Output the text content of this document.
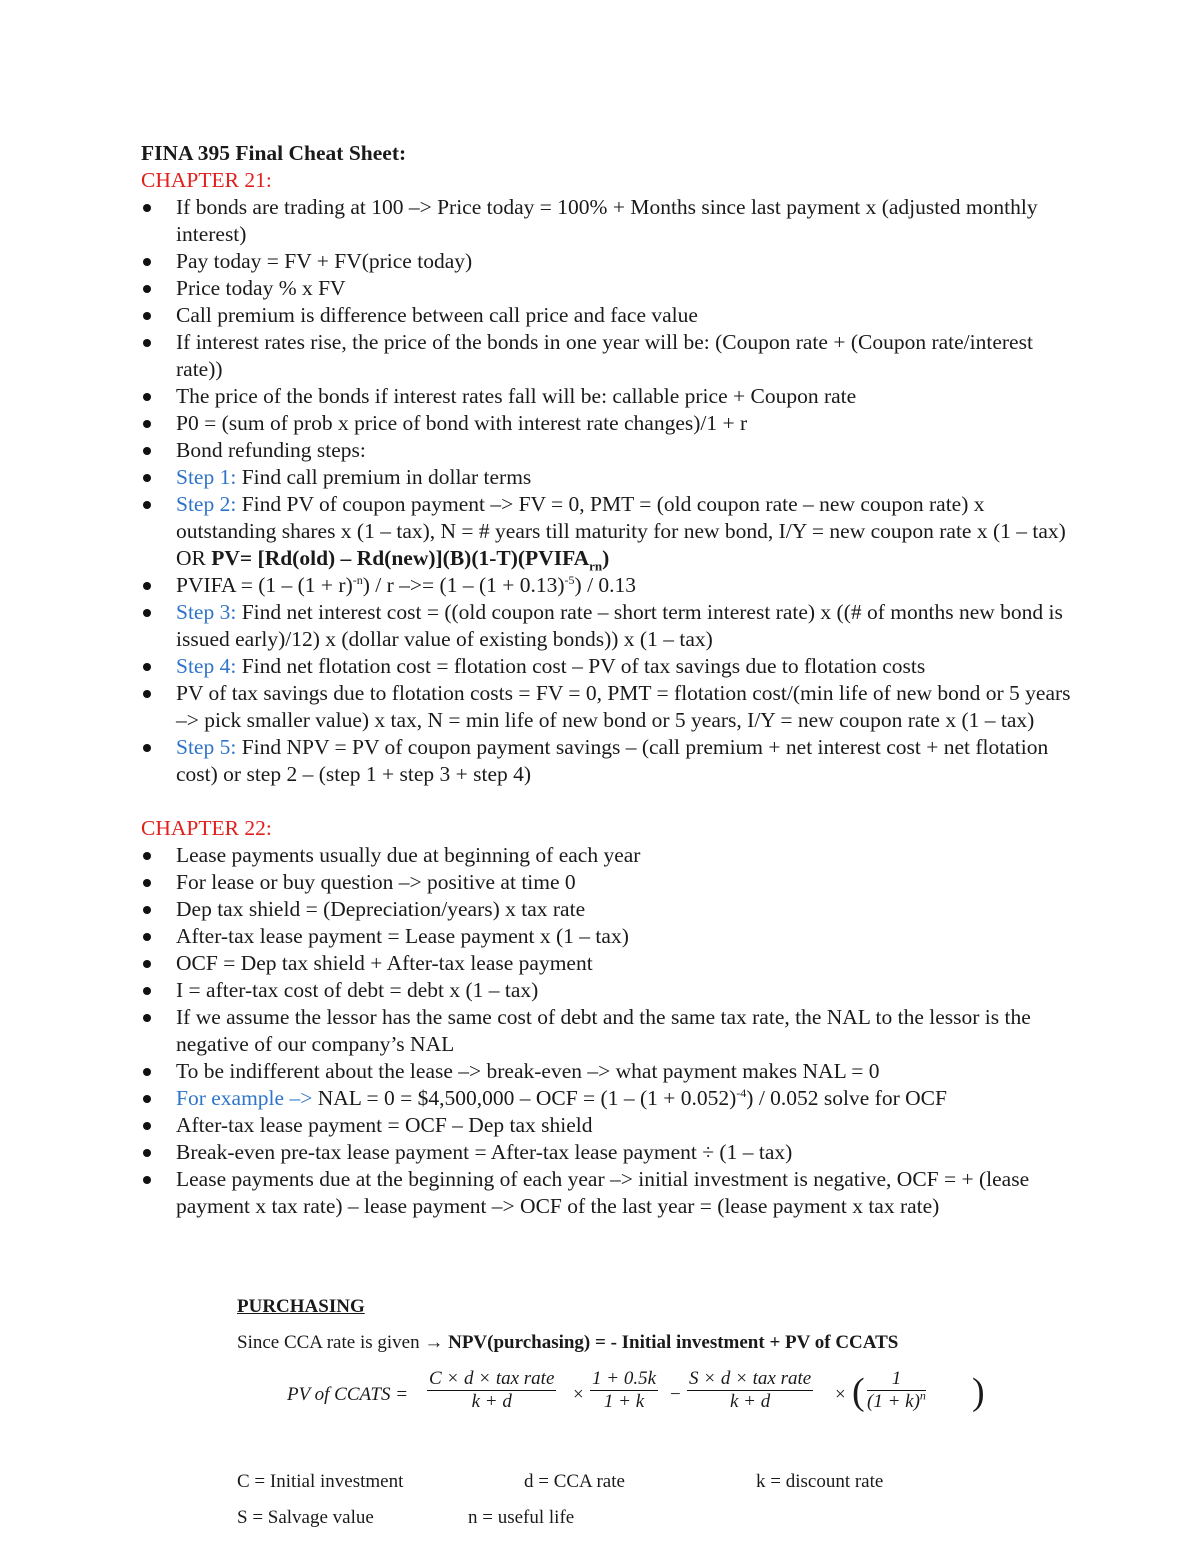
FINA 395 Final Cheat Sheet:

CHAPTER 21:

If bonds are trading at 100 –> Price today = 100% + Months since last payment x (adjusted monthly interest)
Pay today = FV + FV(price today)
Price today % x FV
Call premium is difference between call price and face value
If interest rates rise, the price of the bonds in one year will be: (Coupon rate + (Coupon rate/interest rate))
The price of the bonds if interest rates fall will be: callable price + Coupon rate
P0 = (sum of prob x price of bond with interest rate changes)/1 + r
Bond refunding steps:
Step 1: Find call premium in dollar terms
Step 2: Find PV of coupon payment –> FV = 0, PMT = (old coupon rate – new coupon rate) x outstanding shares x (1 – tax), N = # years till maturity for new bond, I/Y = new coupon rate x (1 – tax) OR $PV= [Rd(old) - Rd(new)](B)(1-T)(PVIFA_{rn})$
PVIFA = $(1 - (1 + r)^{-n}) / r$ –>= $(1 - (1 + 0.13)^{-5}) / 0.13$
Step 3: Find net interest cost = ((old coupon rate – short term interest rate) x ((# of months new bond is issued early)/12) x (dollar value of existing bonds)) x (1 – tax)
Step 4: Find net flotation cost = flotation cost – PV of tax savings due to flotation costs
PV of tax savings due to flotation costs = FV = 0, PMT = flotation cost/(min life of new bond or 5 years –> pick smaller value) x tax, N = min life of new bond or 5 years, I/Y = new coupon rate x (1 – tax)
Step 5: Find NPV = PV of coupon payment savings – (call premium + net interest cost + net flotation cost) or step 2 – (step 1 + step 3 + step 4)

CHAPTER 22:

Lease payments usually due at beginning of each year
For lease or buy question –> positive at time 0
Dep tax shield = (Depreciation/years) x tax rate
After-tax lease payment = Lease payment x (1 – tax)
OCF = Dep tax shield + After-tax lease payment
I = after-tax cost of debt = debt x (1 – tax)
If we assume the lessor has the same cost of debt and the same tax rate, the NAL to the lessor is the negative of our company’s NAL
To be indifferent about the lease –> break-even –> what payment makes NAL = 0
For example –> NAL = 0 = $4,500,000 – OCF = $(1 - (1 + 0.052)^{-4}) / 0.052$ solve for OCF
After-tax lease payment = OCF – Dep tax shield
Break-even pre-tax lease payment = After-tax lease payment ÷ (1 – tax)
Lease payments due at the beginning of each year –> initial investment is negative, OCF = + (lease payment x tax rate) – lease payment –> OCF of the last year = (lease payment x tax rate)

PURCHASING

Since CCA rate is given → NPV(purchasing) = - Initial investment + PV of CCATS
PV of CCATS =
C × d × tax rate
k + d	× $\frac{1 + 0.5k}{1 + k}$ −
S × d × tax rate
k + d	× ( $\frac{1}{(1 + k)^n}$ )
C = Initial investment	d = CCA rate	k = discount rate
S = Salvage value	n = useful life
